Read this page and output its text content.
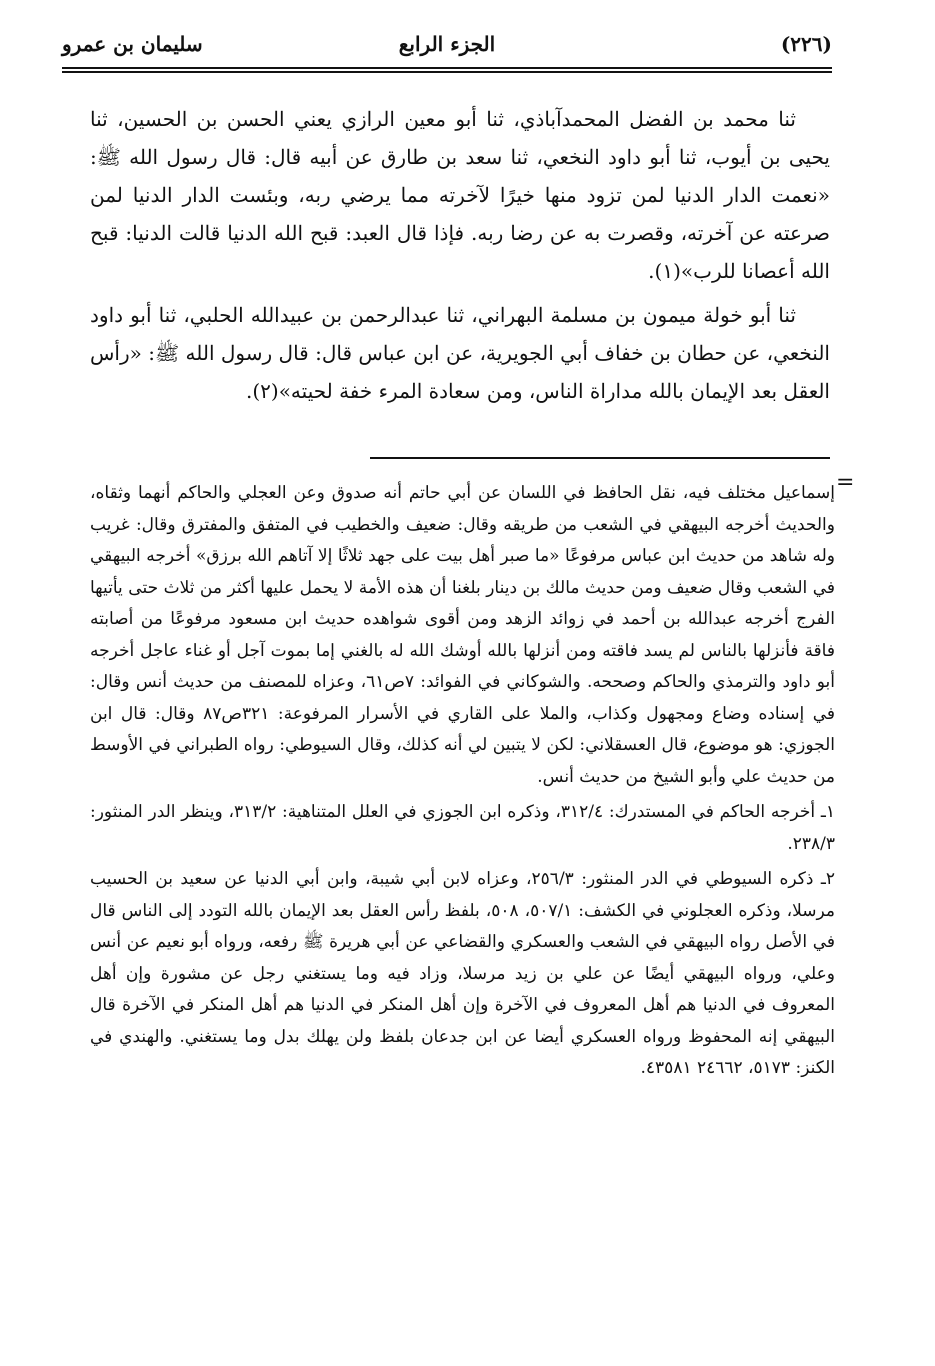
(٢٢٦)
الجزء الرابع
سليمان بن عمرو

ثنا محمد بن الفضل المحمدآباذي، ثنا أبو معين الرازي يعني الحسن بن الحسين، ثنا يحيى بن أيوب، ثنا أبو داود النخعي، ثنا سعد بن طارق عن أبيه قال: قال رسول الله ﷺ: «نعمت الدار الدنيا لمن تزود منها خيرًا لآخرته مما يرضي ربه، وبئست الدار الدنيا لمن صرعته عن آخرته، وقصرت به عن رضا ربه. فإذا قال العبد: قبح الله الدنيا قالت الدنيا: قبح الله أعصانا للرب»(١).

ثنا أبو خولة ميمون بن مسلمة البهراني، ثنا عبدالرحمن بن عبيدالله الحلبي، ثنا أبو داود النخعي، عن حطان بن خفاف أبي الجويرية، عن ابن عباس قال: قال رسول الله ﷺ: «رأس العقل بعد الإيمان بالله مداراة الناس، ومن سعادة المرء خفة لحيته»(٢).

=

إسماعيل مختلف فيه، نقل الحافظ في اللسان عن أبي حاتم أنه صدوق وعن العجلي والحاكم أنهما وثقاه، والحديث أخرجه البيهقي في الشعب من طريقه وقال: ضعيف والخطيب في المتفق والمفترق وقال: غريب وله شاهد من حديث ابن عباس مرفوعًا «ما صبر أهل بيت على جهد ثلاثًا إلا آتاهم الله برزق» أخرجه البيهقي في الشعب وقال ضعيف ومن حديث مالك بن دينار بلغنا أن هذه الأمة لا يحمل عليها أكثر من ثلاث حتى يأتيها الفرج أخرجه عبدالله بن أحمد في زوائد الزهد ومن أقوى شواهده حديث ابن مسعود مرفوعًا من أصابته فاقة فأنزلها بالناس لم يسد فاقته ومن أنزلها بالله أوشك الله له بالغني إما بموت آجل أو غناء عاجل أخرجه أبو داود والترمذي والحاكم وصححه. والشوكاني في الفوائد: ٧ص٦١، وعزاه للمصنف من حديث أنس وقال: في إسناده وضاع ومجهول وكذاب، والملا على القاري في الأسرار المرفوعة: ٣٢١ص٨٧ وقال: قال ابن الجوزي: هو موضوع، قال العسقلاني: لكن لا يتبين لي أنه كذلك، وقال السيوطي: رواه الطبراني في الأوسط من حديث علي وأبو الشيخ من حديث أنس.

١ـ أخرجه الحاكم في المستدرك: ٣١٢/٤، وذكره ابن الجوزي في العلل المتناهية: ٣١٣/٢، وينظر الدر المنثور: ٢٣٨/٣.

٢ـ ذكره السيوطي في الدر المنثور: ٢٥٦/٣، وعزاه لابن أبي شيبة، وابن أبي الدنيا عن سعيد بن الحسيب مرسلا، وذكره العجلوني في الكشف: ٥٠٧/١، ٥٠٨، بلفظ رأس العقل بعد الإيمان بالله التودد إلى الناس قال في الأصل رواه البيهقي في الشعب والعسكري والقضاعي عن أبي هريرة ﷺ رفعه، ورواه أبو نعيم عن أنس وعلي، ورواه البيهقي أيضًا عن علي بن زيد مرسلا، وزاد فيه وما يستغني رجل عن مشورة وإن أهل المعروف في الدنيا هم أهل المعروف في الآخرة وإن أهل المنكر في الدنيا هم أهل المنكر في الآخرة قال البيهقي إنه المحفوظ ورواه العسكري أيضا عن ابن جدعان بلفظ ولن يهلك بدل وما يستغني. والهندي في الكنز: ٥١٧٣، ٢٤٦٦٢ ٤٣٥٨١.
